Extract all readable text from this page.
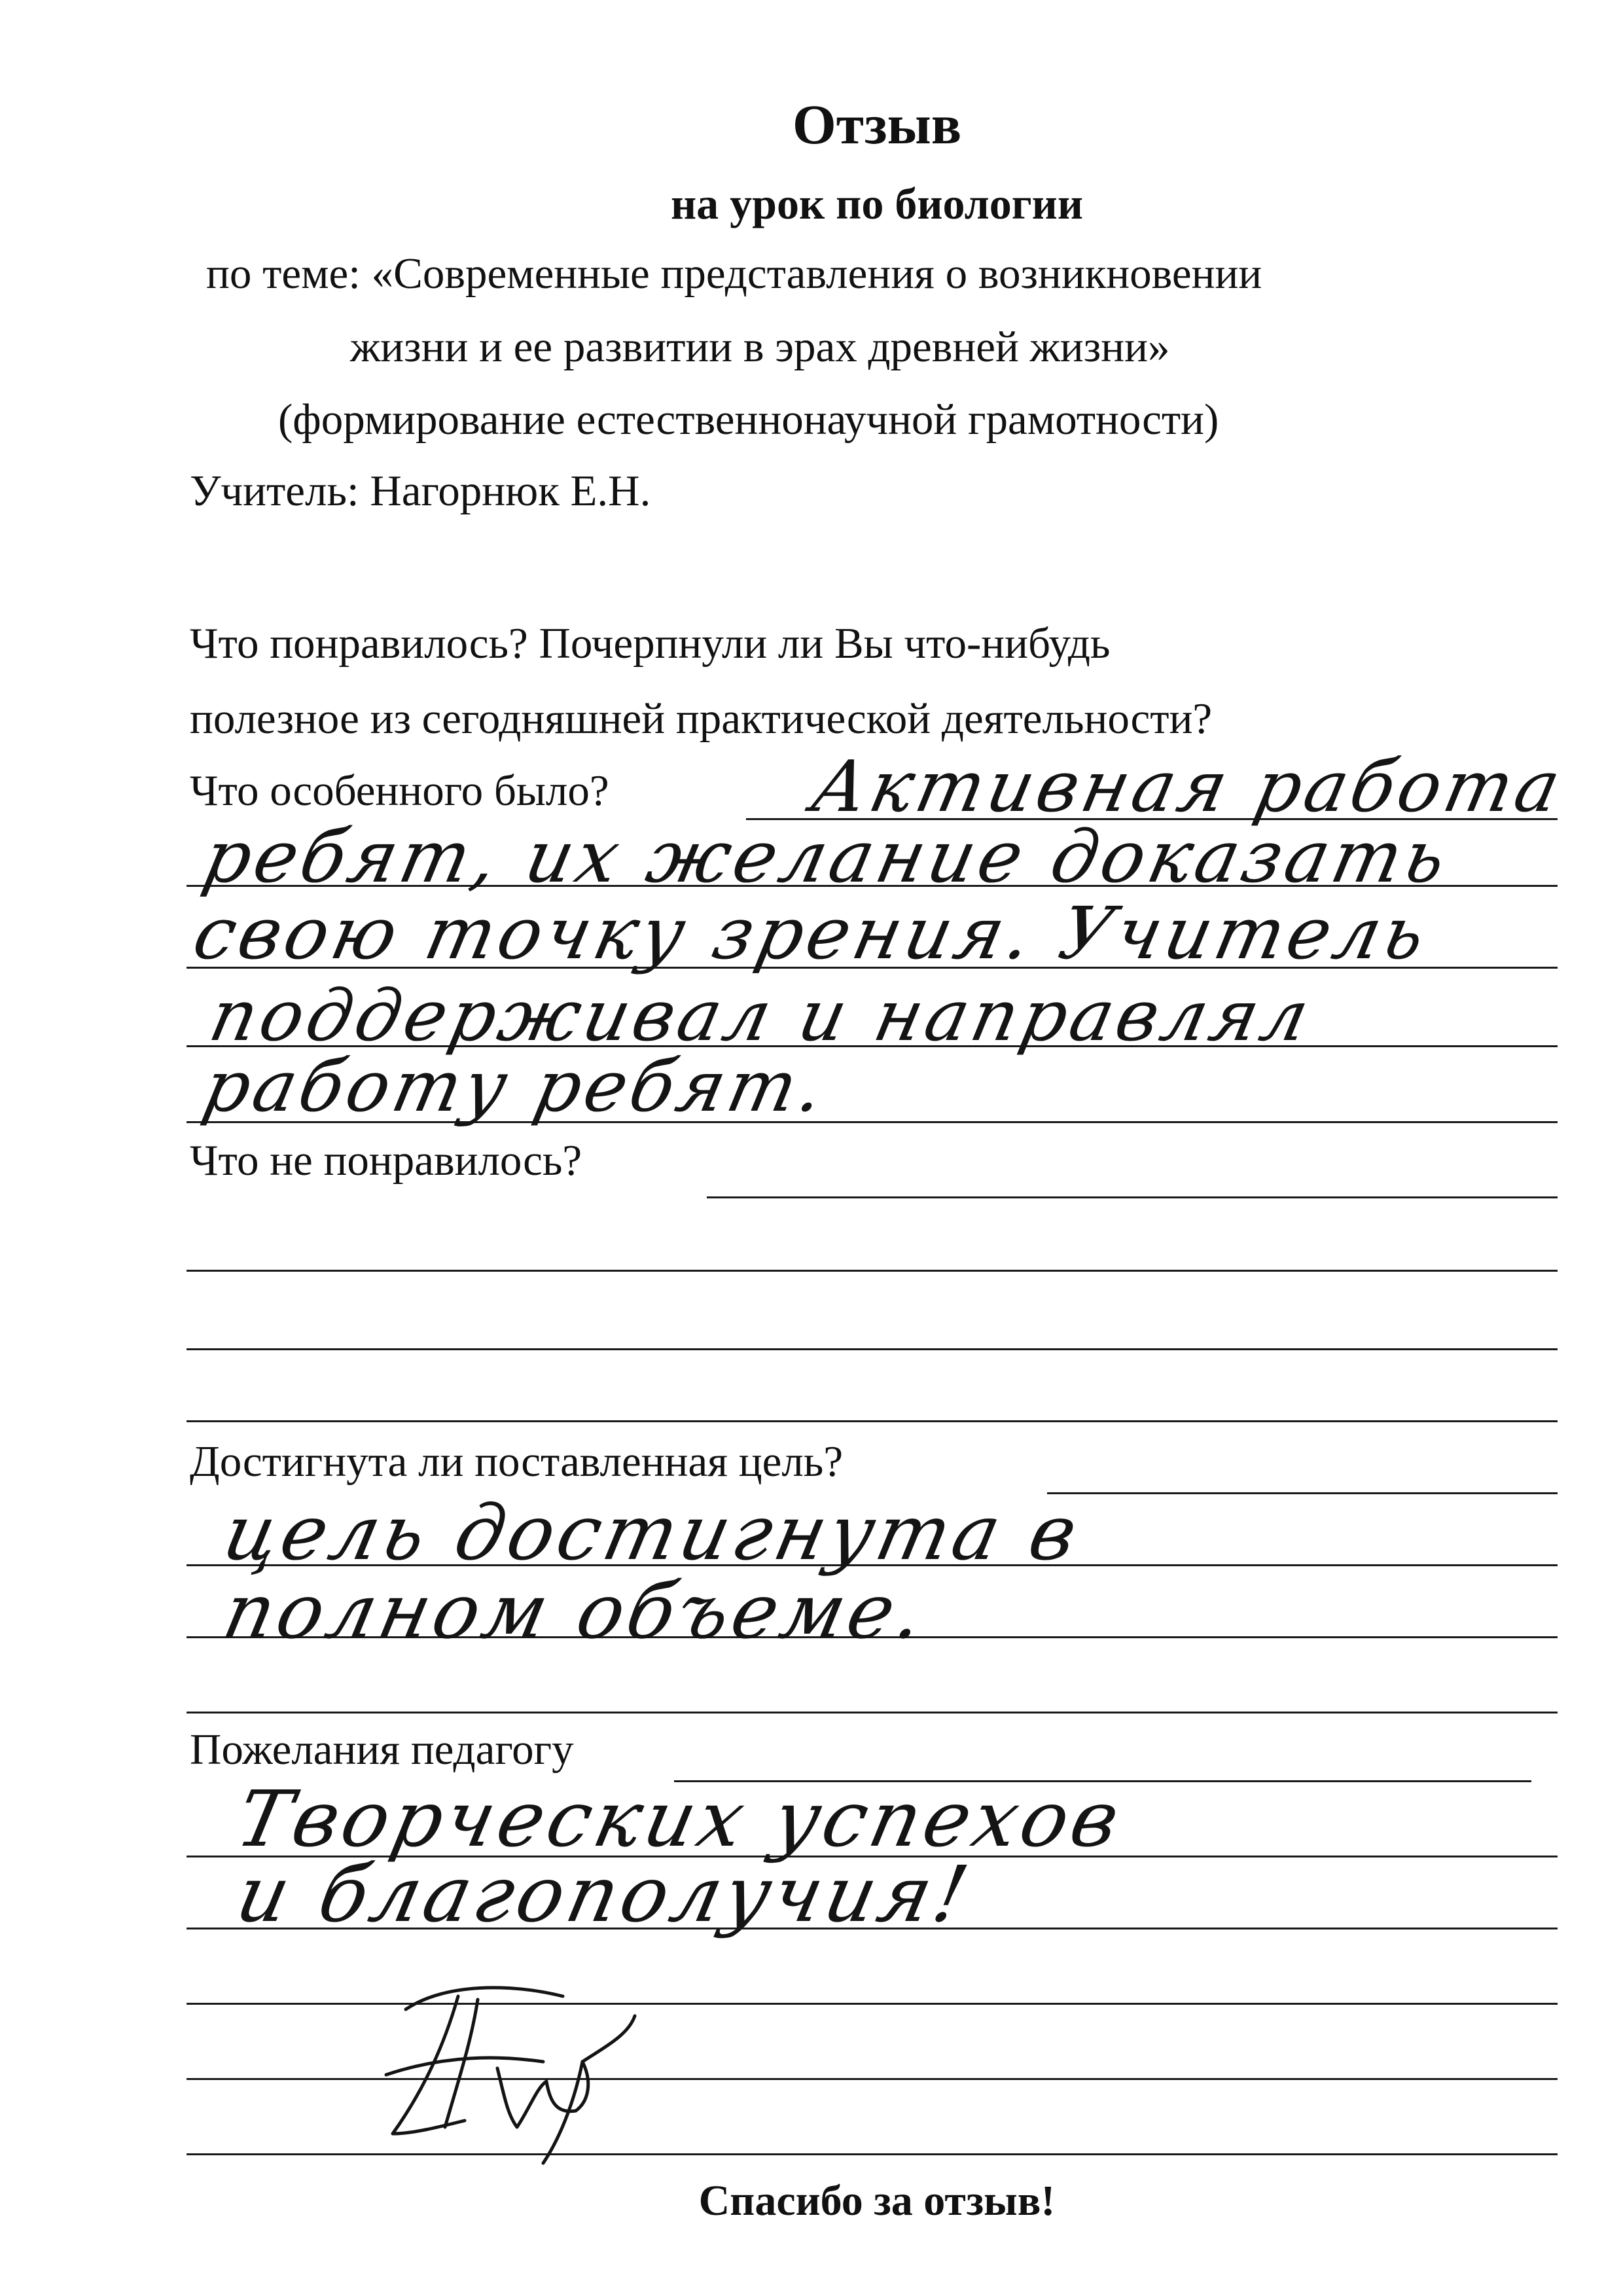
Отзыв
на урок по биологии
по теме: «Современные представления о возникновении
жизни и ее развитии в эрах древней жизни»
(формирование естественнонаучной грамотности)
Учитель: Нагорнюк Е.Н.
Что понравилось? Почерпнули ли Вы что-нибудь
полезное из сегодняшней практической деятельности?
Что особенного было?	Активная работа
ребят, их желание доказать
свою точку зрения. Учитель
поддерживал и направлял
работу ребят.
Что не понравилось?
Достигнута ли поставленная цель?
цель достигнута в
полном объеме.
Пожелания педагогу
Творческих успехов
и благополучия!
Спасибо за отзыв!
